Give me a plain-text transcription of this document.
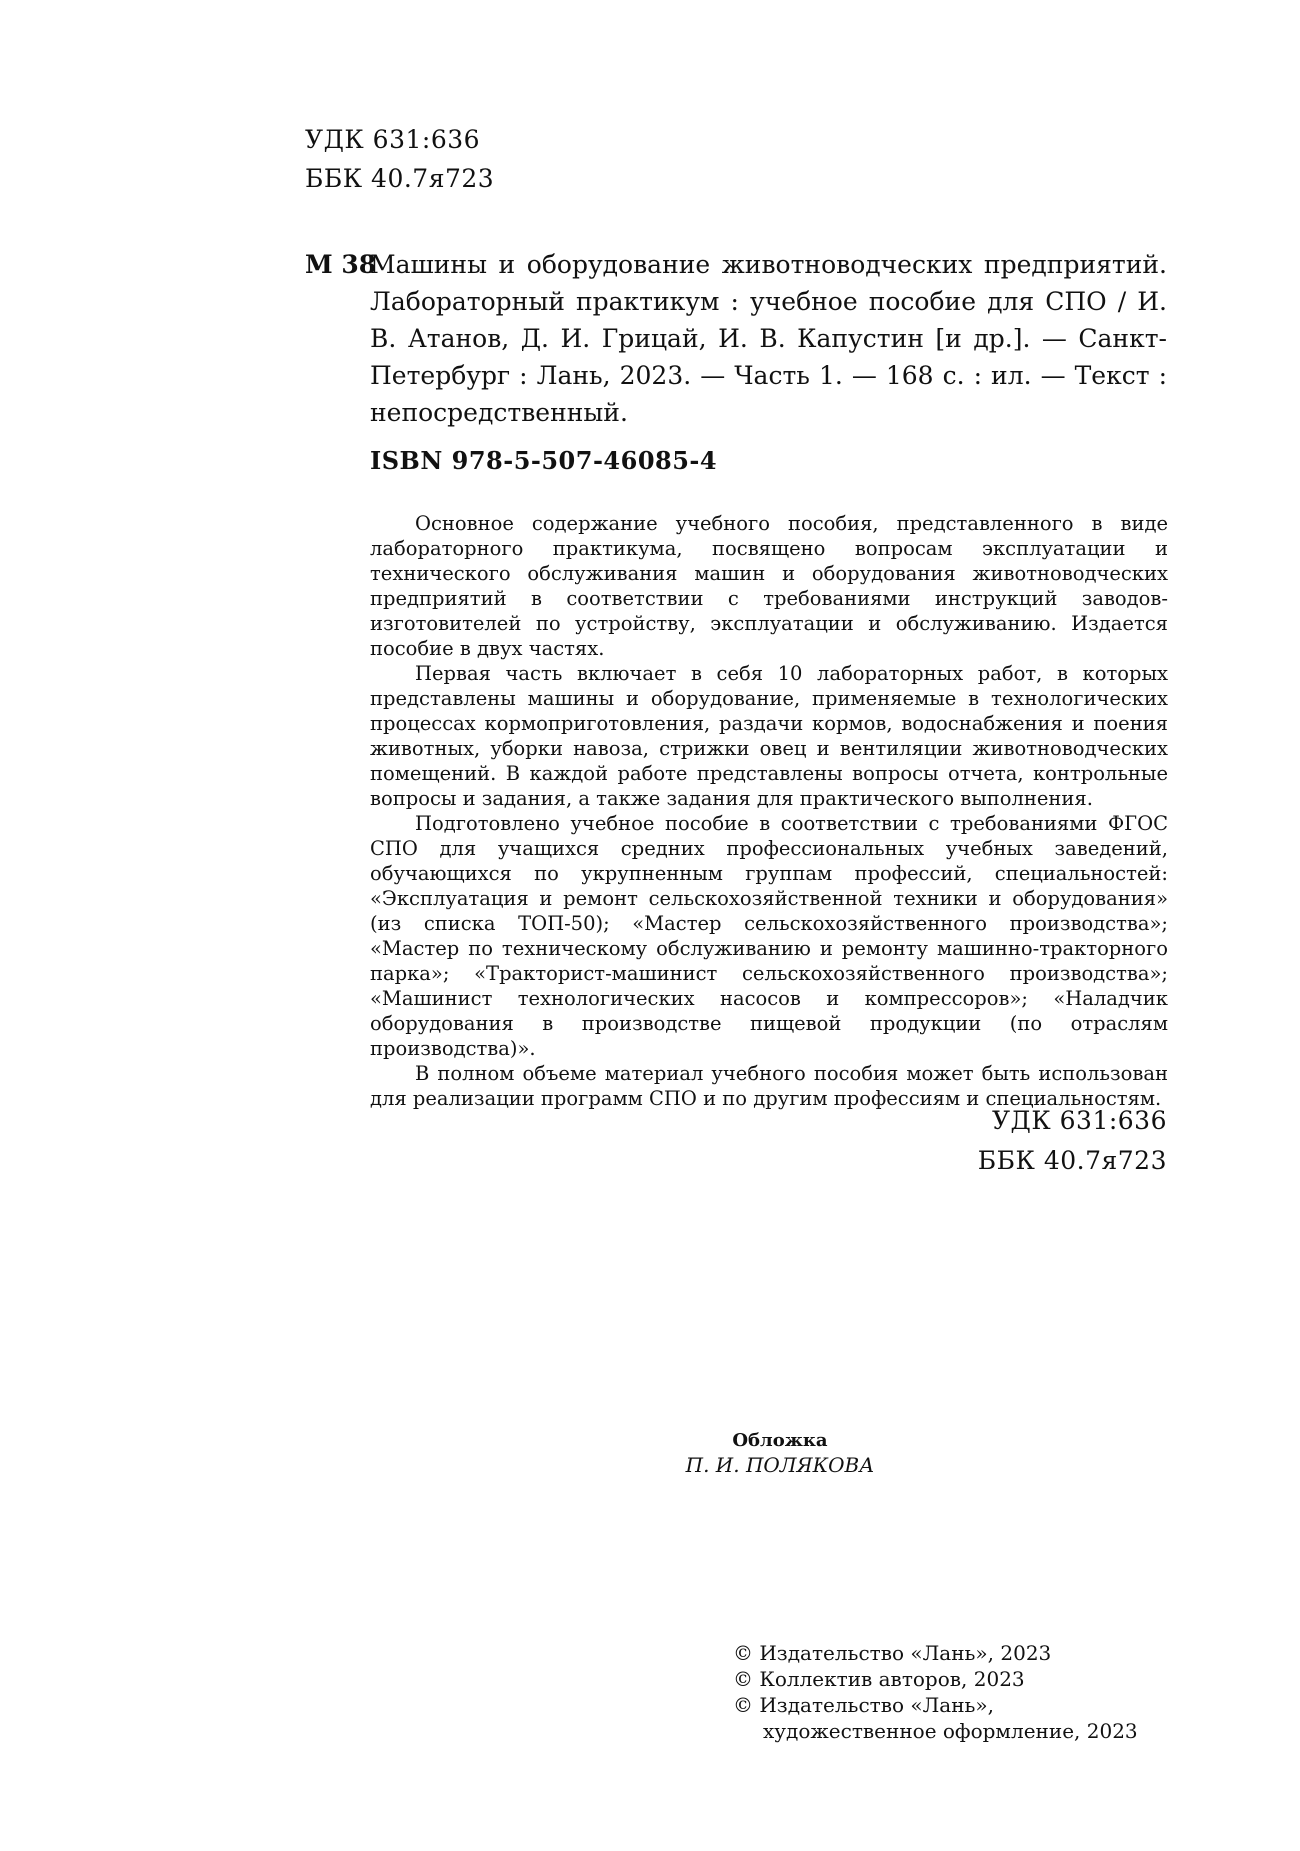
УДК 631:636
ББК 40.7я723
М 38
Машины и оборудование животноводческих предприятий. Лабораторный практикум : учебное пособие для СПО / И. В. Атанов, Д. И. Грицай, И. В. Капустин [и др.]. — Санкт-Петербург : Лань, 2023. — Часть 1. — 168 с. : ил. — Текст : непосредственный.
ISBN 978-5-507-46085-4

Основное содержание учебного пособия, представленного в виде лабораторного практикума, посвящено вопросам эксплуатации и технического обслуживания машин и оборудования животноводческих предприятий в соответствии с требованиями инструкций заводов-изготовителей по устройству, эксплуатации и обслуживанию. Издается пособие в двух частях.

Первая часть включает в себя 10 лабораторных работ, в которых представлены машины и оборудование, применяемые в технологических процессах кормоприготовления, раздачи кормов, водоснабжения и поения животных, уборки навоза, стрижки овец и вентиляции животноводческих помещений. В каждой работе представлены вопросы отчета, контрольные вопросы и задания, а также задания для практического выполнения.

Подготовлено учебное пособие в соответствии с требованиями ФГОС СПО для учащихся средних профессиональных учебных заведений, обучающихся по укрупненным группам профессий, специальностей: «Эксплуатация и ремонт сельскохозяйственной техники и оборудования» (из списка ТОП-50); «Мастер сельскохозяйственного производства»; «Мастер по техническому обслуживанию и ремонту машинно-тракторного парка»; «Тракторист-машинист сельскохозяйственного производства»; «Машинист технологических насосов и компрессоров»; «Наладчик оборудования в производстве пищевой продукции (по отраслям производства)».

В полном объеме материал учебного пособия может быть использован для реализации программ СПО и по другим профессиям и специальностям.

УДК 631:636
ББК 40.7я723
Обложка
П. И. ПОЛЯКОВА
© Издательство «Лань», 2023
© Коллектив авторов, 2023
© Издательство «Лань»,
художественное оформление, 2023
